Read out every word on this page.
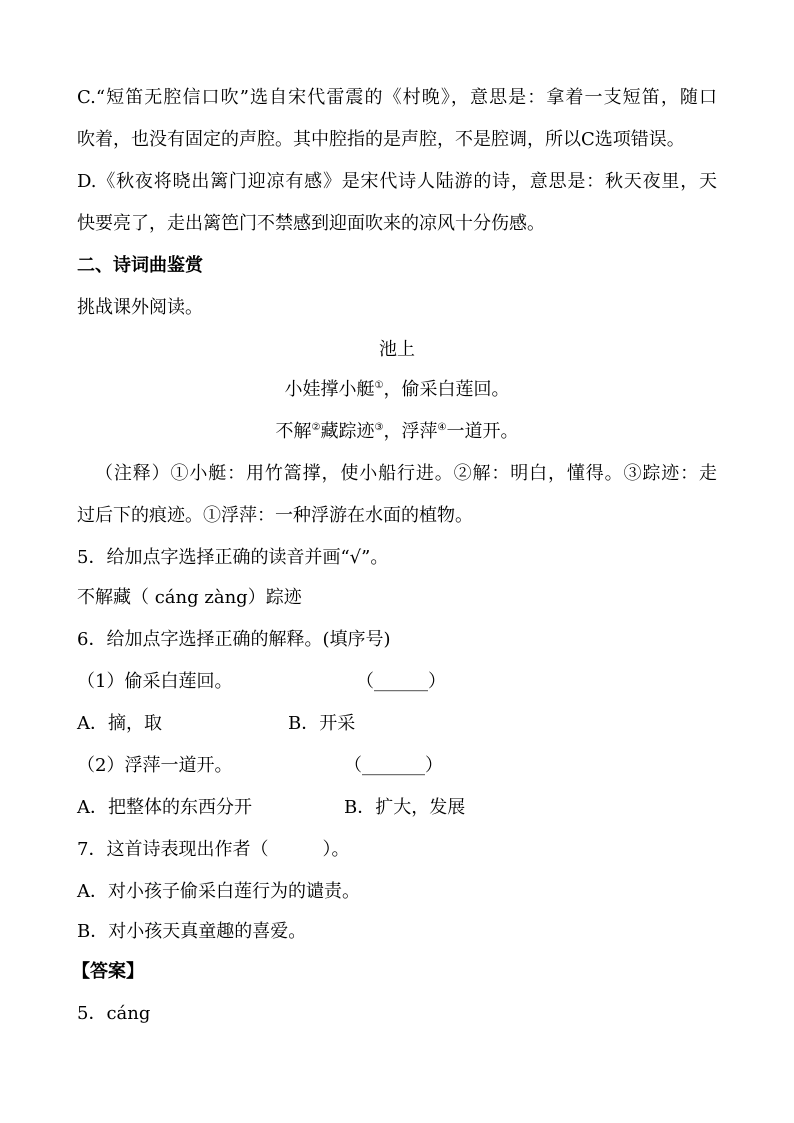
C.“短笛无腔信口吹”选自宋代雷震的《村晚》，意思是：拿着一支短笛，随口
吹着，也没有固定的声腔。其中腔指的是声腔，不是腔调，所以C选项错误。
D.《秋夜将晓出篱门迎凉有感》是宋代诗人陆游的诗，意思是：秋天夜里，天
快要亮了，走出篱笆门不禁感到迎面吹来的凉风十分伤感。
二、诗词曲鉴赏
挑战课外阅读。
池上
小娃撑小艇①，偷采白莲回。
不解②藏踪迹③，浮萍④一道开。
（注释）①小艇：用竹篙撑，使小船行进。②解：明白，懂得。③踪迹：走
过后下的痕迹。①浮萍：一种浮游在水面的植物。
5．给加点字选择正确的读音并画“√”。
不解藏（ cáng zàng）踪迹
6．给加点字选择正确的解释。(填序号)
（1）偷采白莲回。	（______）
A．摘，取	B．开采
（2）浮萍一道开。	（_______）
A．把整体的东西分开	B．扩大，发展
7．这首诗表现出作者（　　　）。
A．对小孩子偷采白莲行为的谴责。
B．对小孩天真童趣的喜爱。
【答案】
5．cáng
